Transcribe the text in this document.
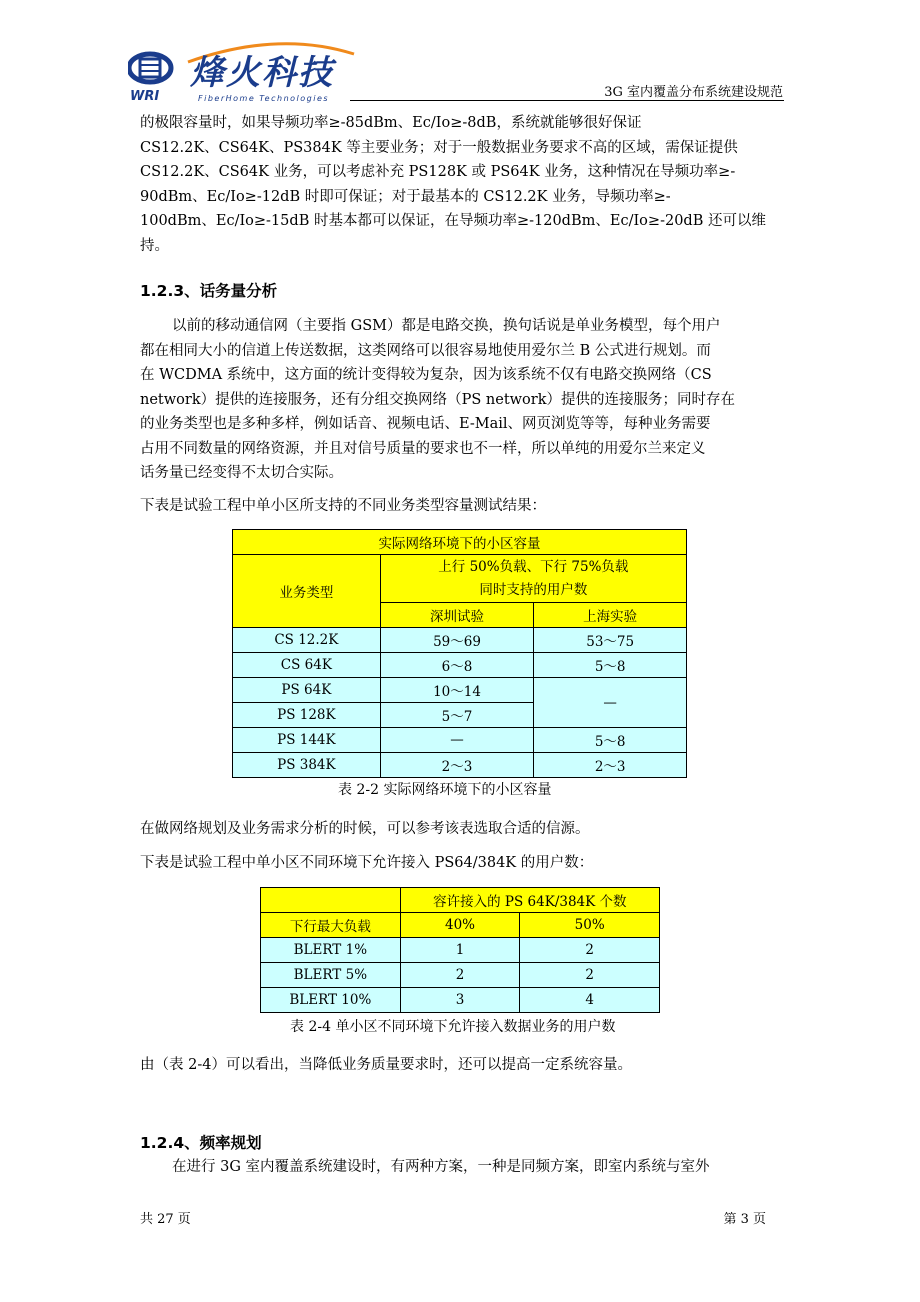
WRI
烽火科技
FiberHome Technologies	3G 室内覆盖分布系统建设规范
的极限容量时，如果导频功率≥-85dBm、Ec/Io≥-8dB，系统就能够很好保证
CS12.2K、CS64K、PS384K 等主要业务；对于一般数据业务要求不高的区域，需保证提供
CS12.2K、CS64K 业务，可以考虑补充 PS128K 或 PS64K 业务，这种情况在导频功率≥-
90dBm、Ec/Io≥-12dB 时即可保证；对于最基本的 CS12.2K 业务，导频功率≥-
100dBm、Ec/Io≥-15dB 时基本都可以保证，在导频功率≥-120dBm、Ec/Io≥-20dB 还可以维
持。
1.2.3、话务量分析
以前的移动通信网（主要指 GSM）都是电路交换，换句话说是单业务模型，每个用户
都在相同大小的信道上传送数据，这类网络可以很容易地使用爱尔兰 B 公式进行规划。而
在 WCDMA 系统中，这方面的统计变得较为复杂，因为该系统不仅有电路交换网络（CS
network）提供的连接服务，还有分组交换网络（PS network）提供的连接服务；同时存在
的业务类型也是多种多样，例如话音、视频电话、E-Mail、网页浏览等等，每种业务需要
占用不同数量的网络资源，并且对信号质量的要求也不一样，所以单纯的用爱尔兰来定义
话务量已经变得不太切合实际。
下表是试验工程中单小区所支持的不同业务类型容量测试结果：
实际网络环境下的小区容量		
业务类型	上行 50%负载、下行 75%负载
同时支持的用户数	

	深圳试验	上海实验
CS 12.2K	59～69	53～75
CS 64K	6～8	5～8
PS 64K	10～14	—
PS 128K	5～7	
PS 144K	—	5～8
PS 384K	2～3	2～3
表 2-2 实际网络环境下的小区容量
在做网络规划及业务需求分析的时候，可以参考该表选取合适的信源。
下表是试验工程中单小区不同环境下允许接入 PS64/384K 的用户数：
	容许接入的 PS 64K/384K 个数	
下行最大负载	40%	50%
BLERT 1%	1	2
BLERT 5%	2	2
BLERT 10%	3	4
表 2-4 单小区不同环境下允许接入数据业务的用户数
由（表 2-4）可以看出，当降低业务质量要求时，还可以提高一定系统容量。
1.2.4、频率规划
在进行 3G 室内覆盖系统建设时，有两种方案，一种是同频方案，即室内系统与室外
共 27 页	第 3 页
